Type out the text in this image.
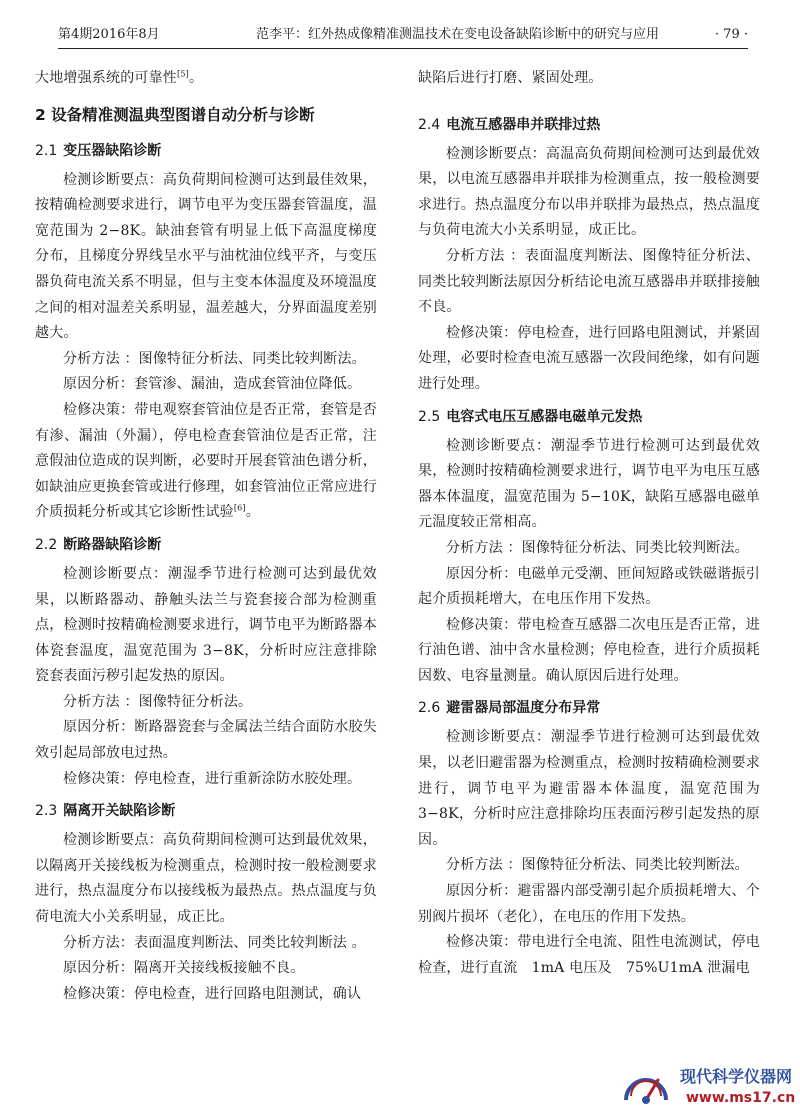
第4期2016年8月	范李平：红外热成像精准测温技术在变电设备缺陷诊断中的研究与应用	· 79 ·

大地增强系统的可靠性[5]。

2 设备精准测温典型图谱自动分析与诊断
2.1 变压器缺陷诊断

检测诊断要点：高负荷期间检测可达到最佳效果，按精确检测要求进行，调节电平为变压器套管温度，温宽范围为 2−8K。缺油套管有明显上低下高温度梯度分布，且梯度分界线呈水平与油枕油位线平齐，与变压器负荷电流关系不明显，但与主变本体温度及环境温度之间的相对温差关系明显，温差越大，分界面温度差别越大。

分析方法 ：图像特征分析法、同类比较判断法。

原因分析：套管渗、漏油，造成套管油位降低。

检修决策：带电观察套管油位是否正常，套管是否有渗、漏油（外漏），停电检查套管油位是否正常，注意假油位造成的误判断，必要时开展套管油色谱分析，如缺油应更换套管或进行修理，如套管油位正常应进行介质损耗分析或其它诊断性试验[6]。

2.2 断路器缺陷诊断

检测诊断要点：潮湿季节进行检测可达到最优效果，以断路器动、静触头法兰与瓷套接合部为检测重点，检测时按精确检测要求进行，调节电平为断路器本体瓷套温度，温宽范围为 3−8K，分析时应注意排除瓷套表面污秽引起发热的原因。

分析方法 ：图像特征分析法。

原因分析：断路器瓷套与金属法兰结合面防水胶失效引起局部放电过热。

检修决策：停电检查，进行重新涂防水胶处理。

2.3 隔离开关缺陷诊断

检测诊断要点：高负荷期间检测可达到最优效果，以隔离开关接线板为检测重点，检测时按一般检测要求进行，热点温度分布以接线板为最热点。热点温度与负荷电流大小关系明显，成正比。

分析方法：表面温度判断法、同类比较判断法 。

原因分析：隔离开关接线板接触不良。

检修决策：停电检查，进行回路电阻测试，确认

缺陷后进行打磨、紧固处理。

2.4 电流互感器串并联排过热

检测诊断要点：高温高负荷期间检测可达到最优效果，以电流互感器串并联排为检测重点，按一般检测要求进行。热点温度分布以串并联排为最热点，热点温度与负荷电流大小关系明显，成正比。

分析方法 ：表面温度判断法、图像特征分析法、同类比较判断法原因分析结论电流互感器串并联排接触不良。

检修决策：停电检查，进行回路电阻测试，并紧固处理，必要时检查电流互感器一次段间绝缘，如有问题进行处理。

2.5 电容式电压互感器电磁单元发热

检测诊断要点：潮湿季节进行检测可达到最优效果，检测时按精确检测要求进行，调节电平为电压互感器本体温度，温宽范围为 5−10K，缺陷互感器电磁单元温度较正常相高。

分析方法 ：图像特征分析法、同类比较判断法。

原因分析：电磁单元受潮、匝间短路或铁磁谐振引起介质损耗增大，在电压作用下发热。

检修决策：带电检查互感器二次电压是否正常，进行油色谱、油中含水量检测；停电检查，进行介质损耗因数、电容量测量。确认原因后进行处理。

2.6 避雷器局部温度分布异常

检测诊断要点：潮湿季节进行检测可达到最优效果，以老旧避雷器为检测重点，检测时按精确检测要求进行，调节电平为避雷器本体温度，温宽范围为 3−8K，分析时应注意排除均压表面污秽引起发热的原因。

分析方法 ：图像特征分析法、同类比较判断法。

原因分析：避雷器内部受潮引起介质损耗增大、个别阀片损坏（老化），在电压的作用下发热。

检修决策：带电进行全电流、阻性电流测试，停电检查，进行直流　1mA 电压及　75%U1mA 泄漏电

现代科学仪器网
www.ms17.cn
